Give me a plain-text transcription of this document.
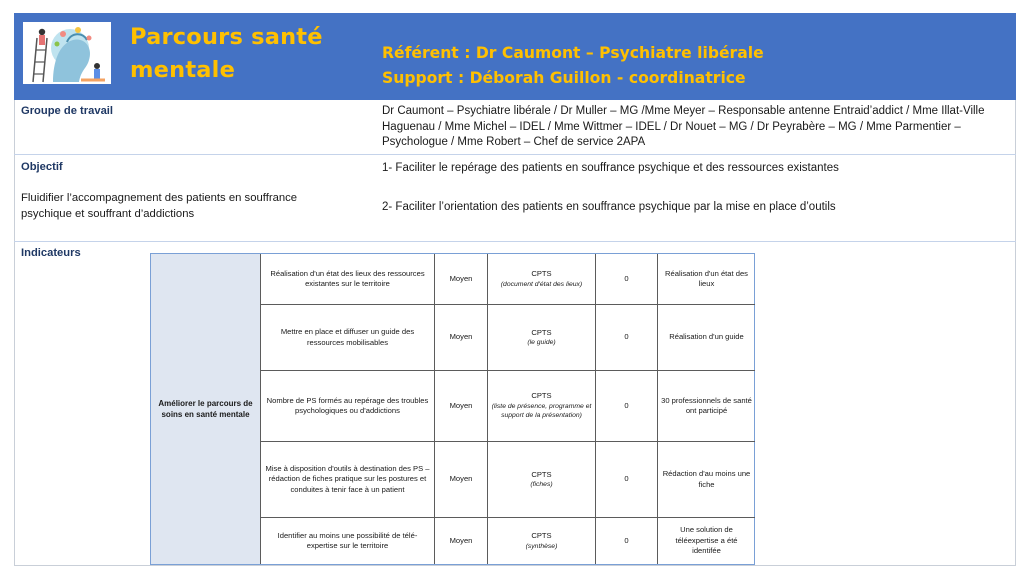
Parcours santé
mentale
Référent : Dr Caumont – Psychiatre libérale
Support : Déborah Guillon - coordinatrice
Groupe de travail	Dr Caumont – Psychiatre libérale / Dr Muller – MG /Mme Meyer – Responsable antenne Entraid’addict / Mme Illat-Ville Haguenau / Mme Michel – IDEL / Mme Wittmer – IDEL / Dr Nouet – MG / Dr Peyrabère – MG / Mme Parmentier – Psychologue / Mme Robert – Chef de service 2APA
Objectif
Fluidifier l’accompagnement des patients en souffrance psychique et souffrant d’addictions
1- Faciliter le repérage des patients en souffrance psychique et des ressources existantes
2- Faciliter l’orientation des patients en souffrance psychique par la mise en place d’outils
Indicateurs
Améliorer le parcours de soins en santé mentale
Réalisation d'un état des lieux des ressources existantes sur le territoire
Moyen
CPTS
(document d'état des lieux)
0
Réalisation d'un état des lieux
Mettre en place et diffuser un guide des ressources mobilisables
Moyen
CPTS
(le guide)
0	Réalisation d'un guide
Nombre de PS formés au repérage des troubles psychologiques ou d'addictions
Moyen
CPTS
(liste de présence, programme et support de la présentation)
0
30 professionnels de santé ont participé
Mise à disposition d'outils à destination des PS – rédaction de fiches pratique sur les postures et conduites à tenir face à un patient
Moyen
CPTS
(fiches)
0
Rédaction d'au moins une fiche
Identifier au moins une possibilité de télé-expertise sur le territoire
Moyen
CPTS
(synthèse)
0
Une solution de téléexpertise a été identifée
